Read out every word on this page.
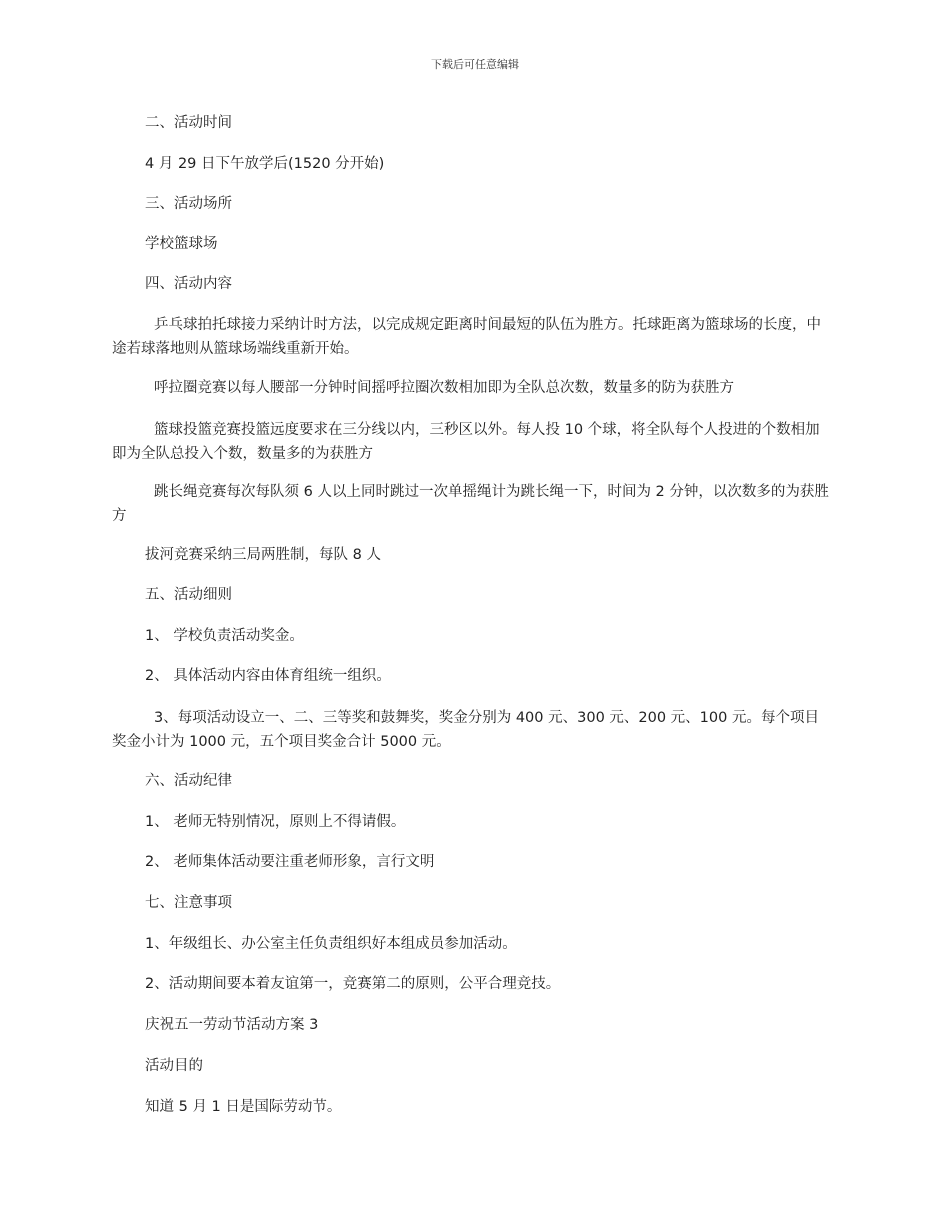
下载后可任意编辑
二、活动时间
4 月 29 日下午放学后(1520 分开始)
三、活动场所
学校篮球场
四、活动内容
乒乓球拍托球接力采纳计时方法，以完成规定距离时间最短的队伍为胜方。托球距离为篮球场的长度，中途若球落地则从篮球场端线重新开始。
呼拉圈竞赛以每人腰部一分钟时间摇呼拉圈次数相加即为全队总次数，数量多的防为获胜方
篮球投篮竞赛投篮远度要求在三分线以内，三秒区以外。每人投 10 个球，将全队每个人投进的个数相加即为全队总投入个数，数量多的为获胜方
跳长绳竞赛每次每队须 6 人以上同时跳过一次单摇绳计为跳长绳一下，时间为 2 分钟，以次数多的为获胜方
拔河竞赛采纳三局两胜制，每队 8 人
五、活动细则
1、 学校负责活动奖金。
2、 具体活动内容由体育组统一组织。
3、每项活动设立一、二、三等奖和鼓舞奖，奖金分别为 400 元、300 元、200 元、100 元。每个项目奖金小计为 1000 元，五个项目奖金合计 5000 元。
六、活动纪律
1、 老师无特别情况，原则上不得请假。
2、 老师集体活动要注重老师形象，言行文明
七、注意事项
1、年级组长、办公室主任负责组织好本组成员参加活动。
2、活动期间要本着友谊第一，竞赛第二的原则，公平合理竞技。
庆祝五一劳动节活动方案 3
活动目的
知道 5 月 1 日是国际劳动节。
